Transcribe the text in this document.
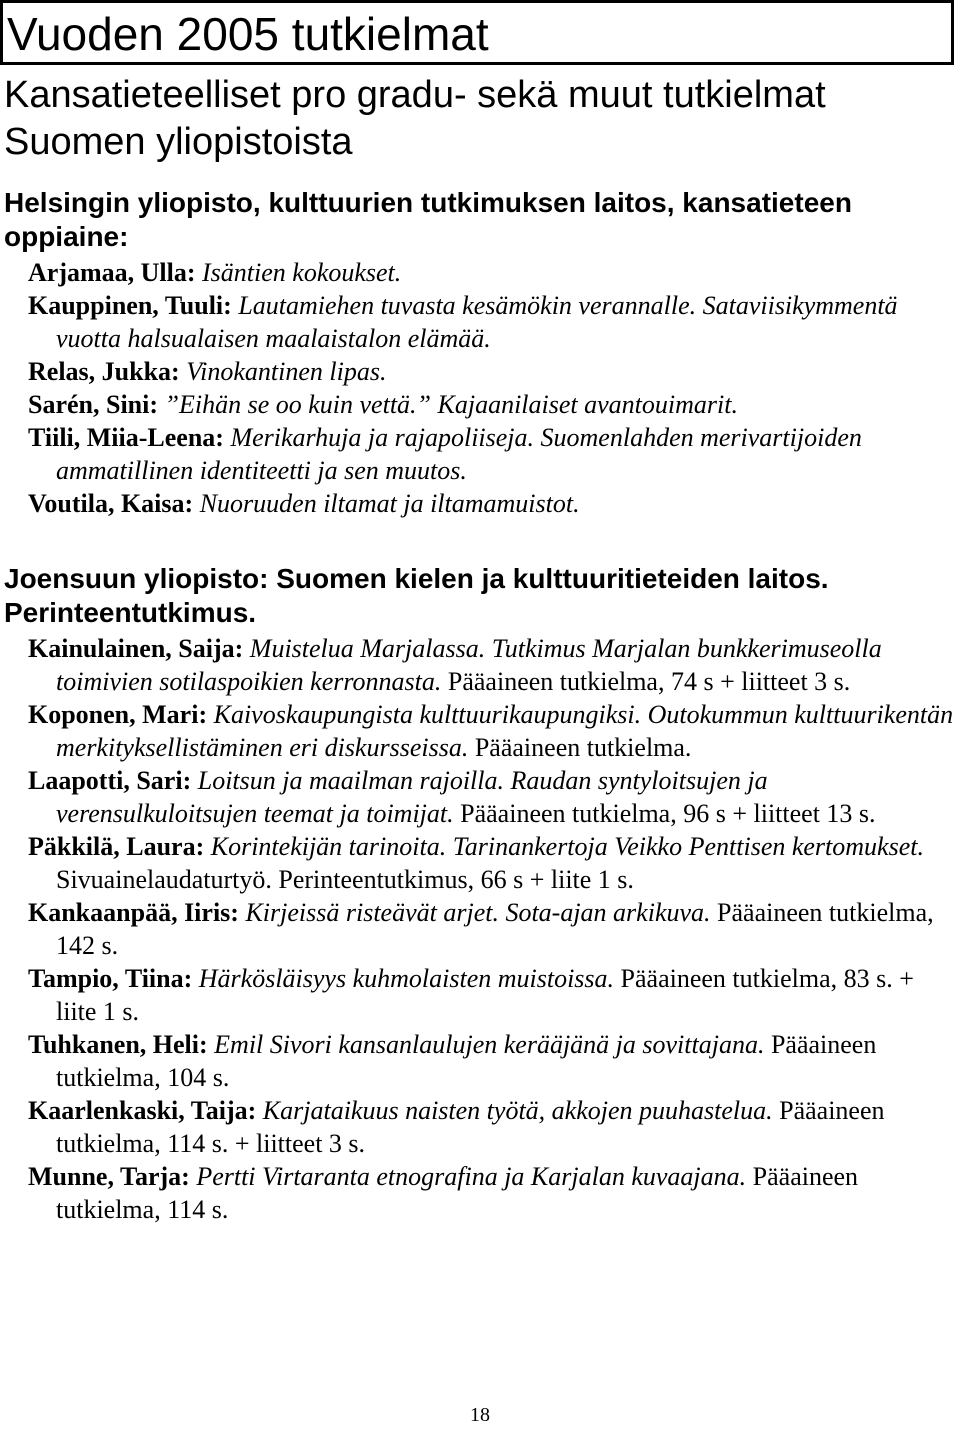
Vuoden 2005 tutkielmat
Kansatieteelliset pro gradu- sekä muut tutkielmat
Suomen yliopistoista
Helsingin yliopisto, kulttuurien tutkimuksen laitos, kansatieteen
oppiaine:

Arjamaa, Ulla: Isäntien kokoukset.

Kauppinen, Tuuli: Lautamiehen tuvasta kesämökin verannalle. Sataviisikymmentä vuotta halsualaisen maalaistalon elämää.

Relas, Jukka: Vinokantinen lipas.

Sarén, Sini: ”Eihän se oo kuin vettä.” Kajaanilaiset avantouimarit.

Tiili, Miia-Leena: Merikarhuja ja rajapoliiseja. Suomenlahden merivartijoiden ammatillinen identiteetti ja sen muutos.

Voutila, Kaisa: Nuoruuden iltamat ja iltamamuistot.

Joensuun yliopisto: Suomen kielen ja kulttuuritieteiden laitos.
Perinteentutkimus.

Kainulainen, Saija: Muistelua Marjalassa. Tutkimus Marjalan bunkkerimuseolla toimivien sotilaspoikien kerronnasta. Pääaineen tutkielma, 74 s + liitteet 3 s.

Koponen, Mari: Kaivoskaupungista kulttuurikaupungiksi. Outokummun kulttuurikentän merkityksellistäminen eri diskursseissa. Pääaineen tutkielma.

Laapotti, Sari: Loitsun ja maailman rajoilla. Raudan syntyloitsujen ja verensulkuloitsujen teemat ja toimijat. Pääaineen tutkielma, 96 s + liitteet 13 s.

Päkkilä, Laura: Korintekijän tarinoita. Tarinankertoja Veikko Penttisen kertomukset. Sivuainelaudaturtyö. Perinteentutkimus, 66 s + liite 1 s.

Kankaanpää, Iiris: Kirjeissä risteävät arjet. Sota-ajan arkikuva. Pääaineen tutkielma, 142 s.

Tampio, Tiina: Härkösläisyys kuhmolaisten muistoissa. Pääaineen tutkielma, 83 s. + liite 1 s.

Tuhkanen, Heli: Emil Sivori kansanlaulujen kerääjänä ja sovittajana. Pääaineen tutkielma, 104 s.

Kaarlenkaski, Taija: Karjataikuus naisten työtä, akkojen puuhastelua. Pääaineen tutkielma, 114 s. + liitteet 3 s.

Munne, Tarja: Pertti Virtaranta etnografina ja Karjalan kuvaajana. Pääaineen tutkielma, 114 s.

18
